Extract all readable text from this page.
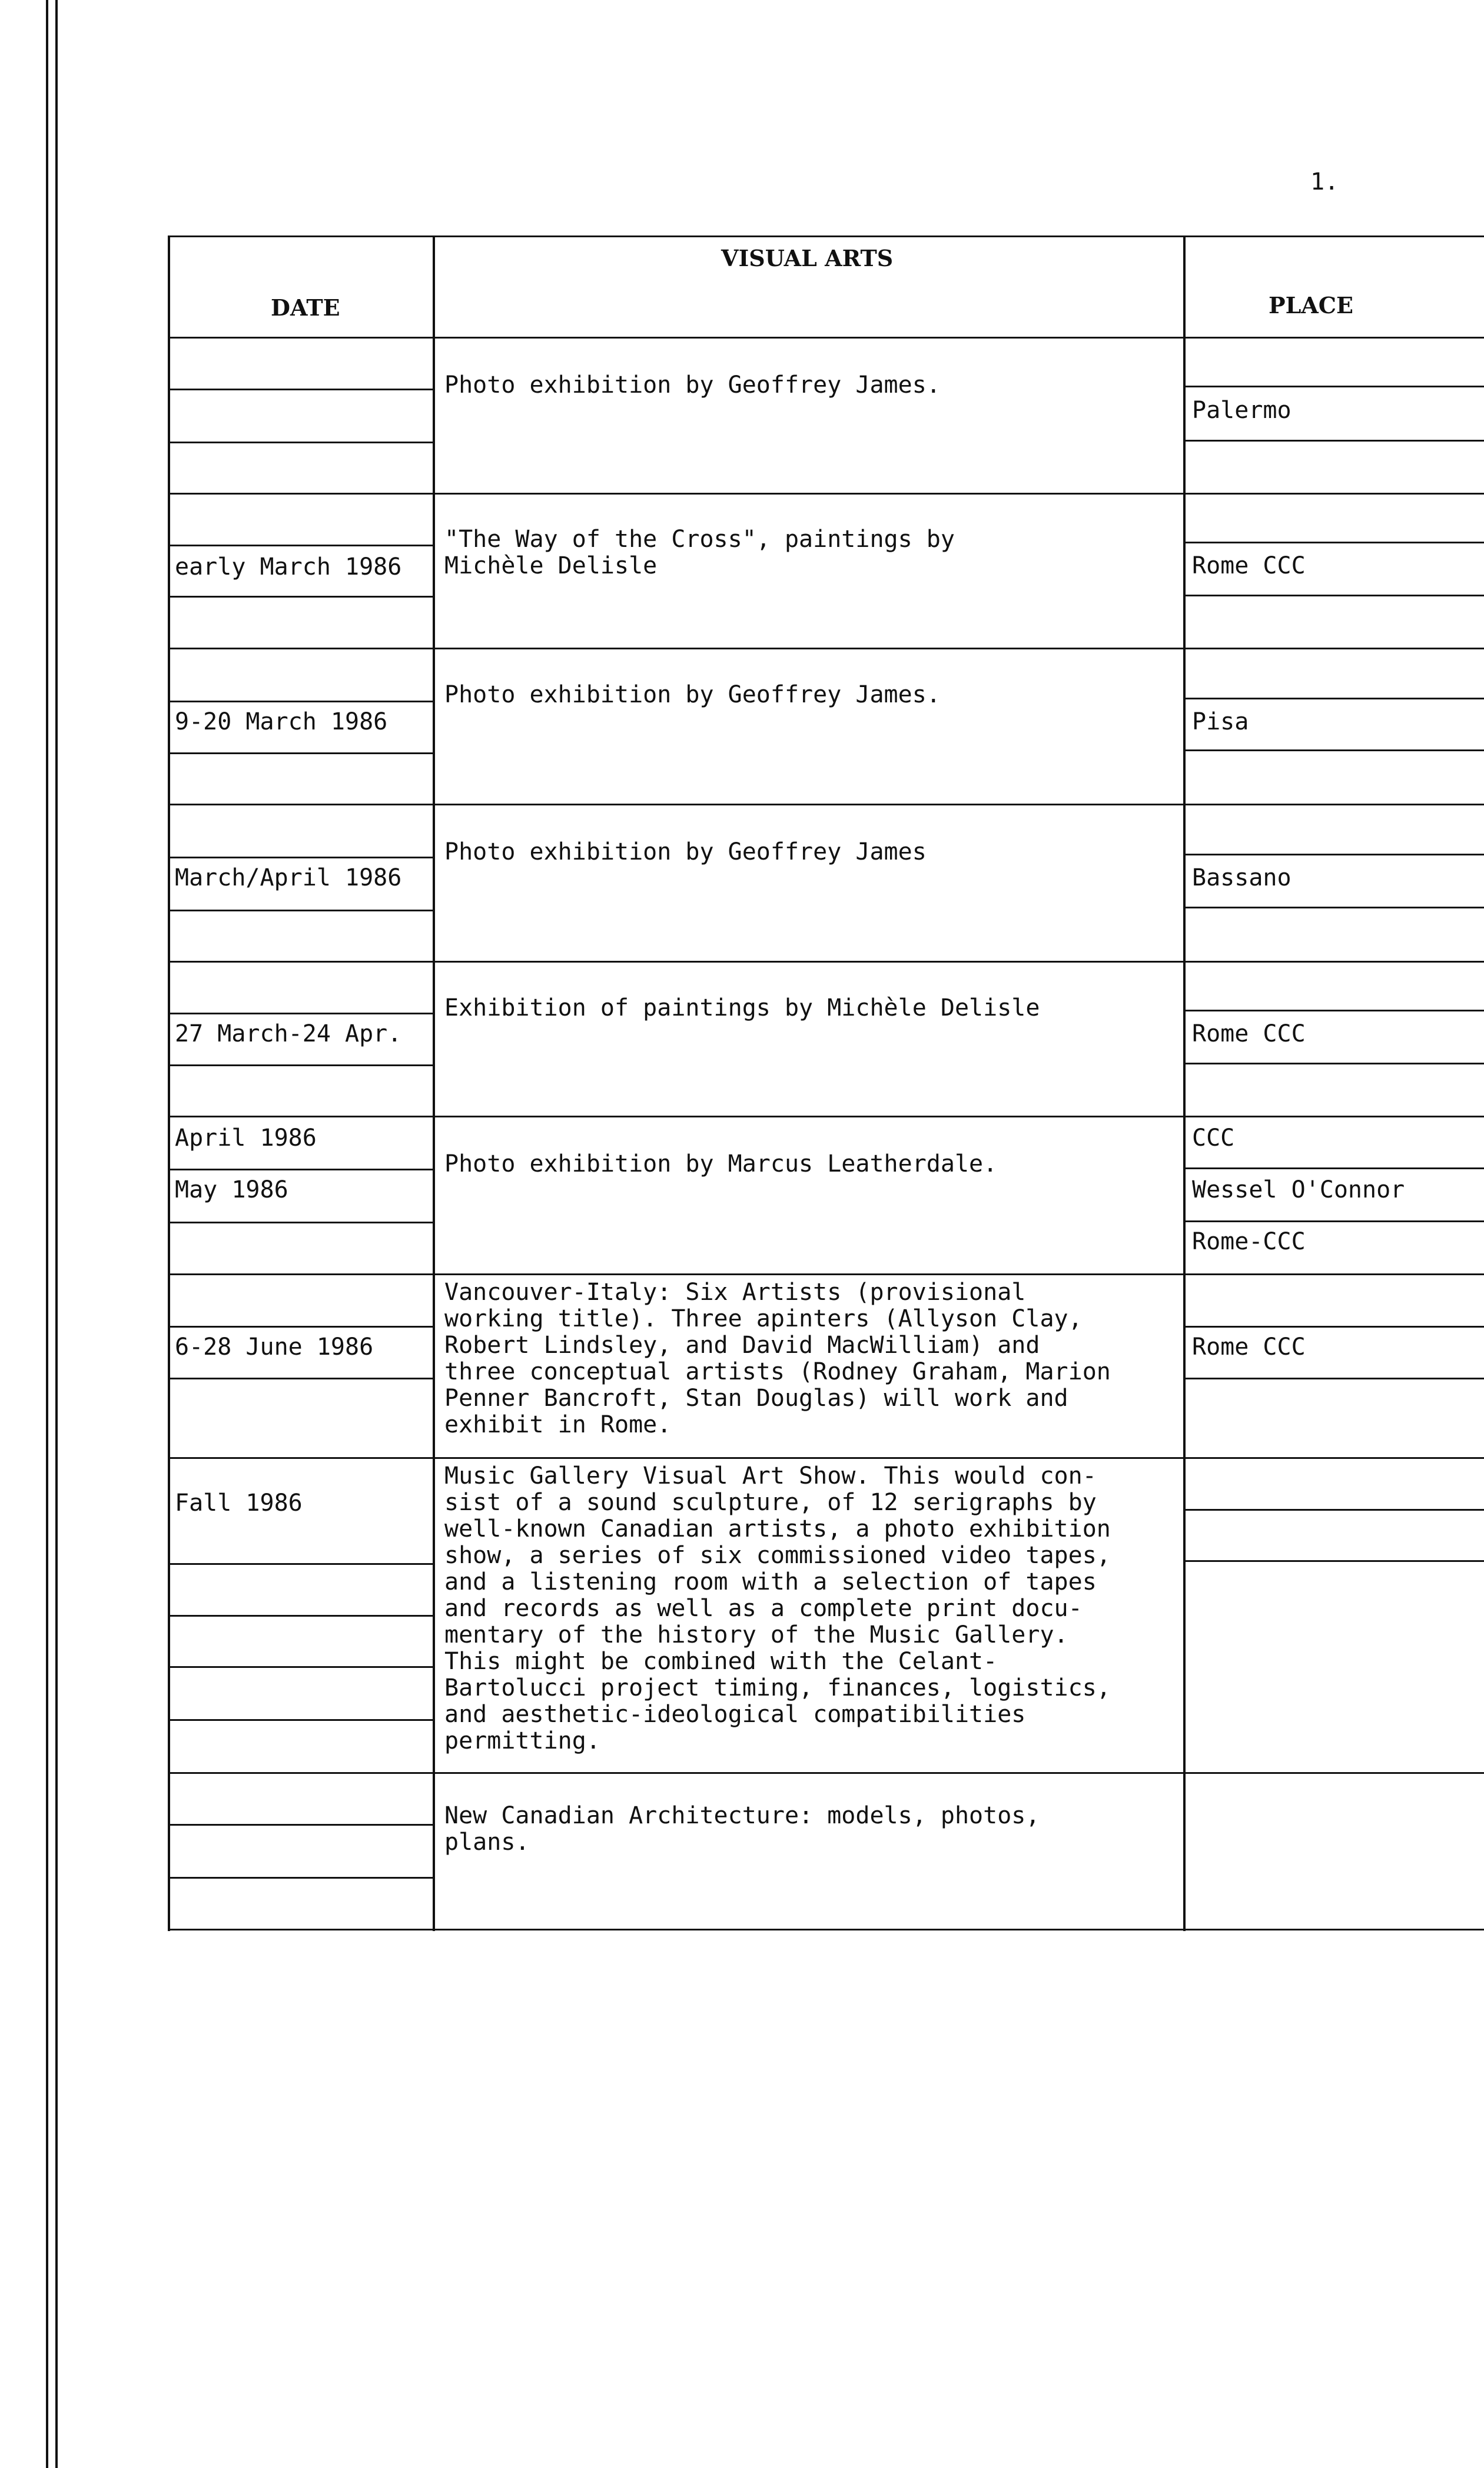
1.
DATE
VISUAL ARTS
PLACE
Photo exhibition by Geoffrey James.
Palermo
early March 1986
"The Way of the Cross", paintings by
Michèle Delisle	Rome CCC
9-20 March 1986
Photo exhibition by Geoffrey James.
Pisa
March/April 1986
Photo exhibition by Geoffrey James
Bassano
27 March-24 Apr.
Exhibition of paintings by Michèle Delisle
Rome CCC
April 1986
May 1986
Photo exhibition by Marcus Leatherdale.
CCC
Wessel O'Connor
Rome-CCC
6-28 June 1986
Vancouver-Italy: Six Artists (provisional
working title). Three apinters (Allyson Clay,
Robert Lindsley, and David MacWilliam) and
three conceptual artists (Rodney Graham, Marion
Penner Bancroft, Stan Douglas) will work and
exhibit in Rome.
Rome CCC
Fall 1986
Music Gallery Visual Art Show. This would con-
sist of a sound sculpture, of 12 serigraphs by
well-known Canadian artists, a photo exhibition
show, a series of six commissioned video tapes,
and a listening room with a selection of tapes
and records as well as a complete print docu-
mentary of the history of the Music Gallery.
This might be combined with the Celant-
Bartolucci project timing, finances, logistics,
and aesthetic-ideological compatibilities
permitting.
New Canadian Architecture: models, photos,
plans.
